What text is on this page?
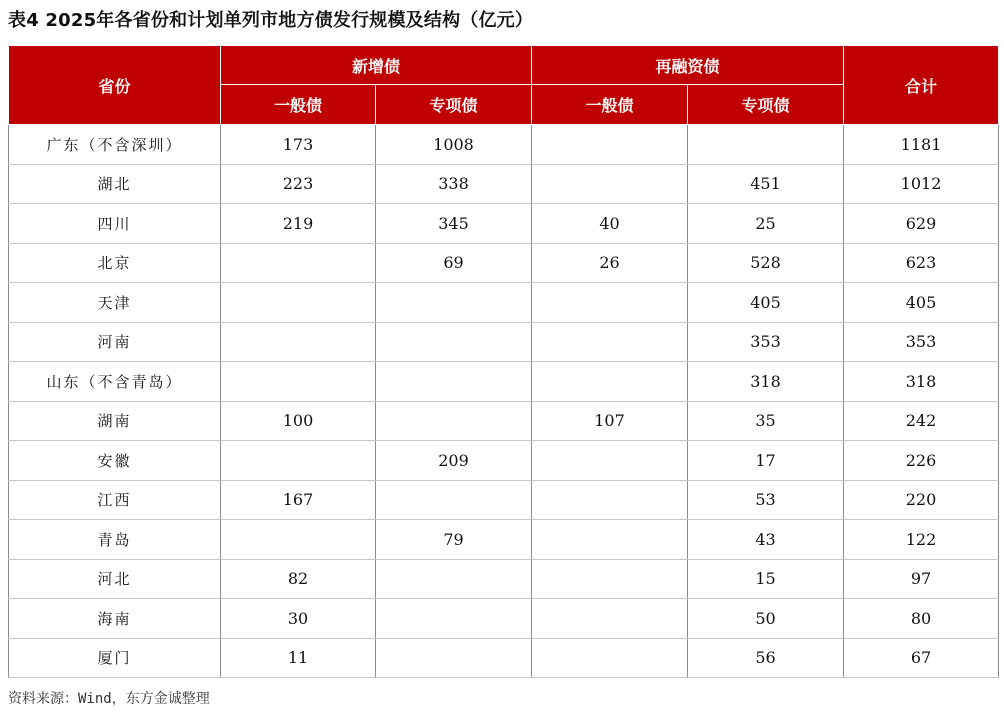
表4 2025年各省份和计划单列市地方债发行规模及结构（亿元）
省份	新增债		再融资债		合计
	一般债	专项债	一般债	专项债	
广东（不含深圳）	173	1008			1181
湖北	223	338		451	1012
四川	219	345	40	25	629
北京		69	26	528	623
天津				405	405
河南				353	353
山东（不含青岛）				318	318
湖南	100		107	35	242
安徽		209		17	226
江西	167			53	220
青岛		79		43	122
河北	82			15	97
海南	30			50	80
厦门	11			56	67
资料来源：Wind，东方金诚整理
